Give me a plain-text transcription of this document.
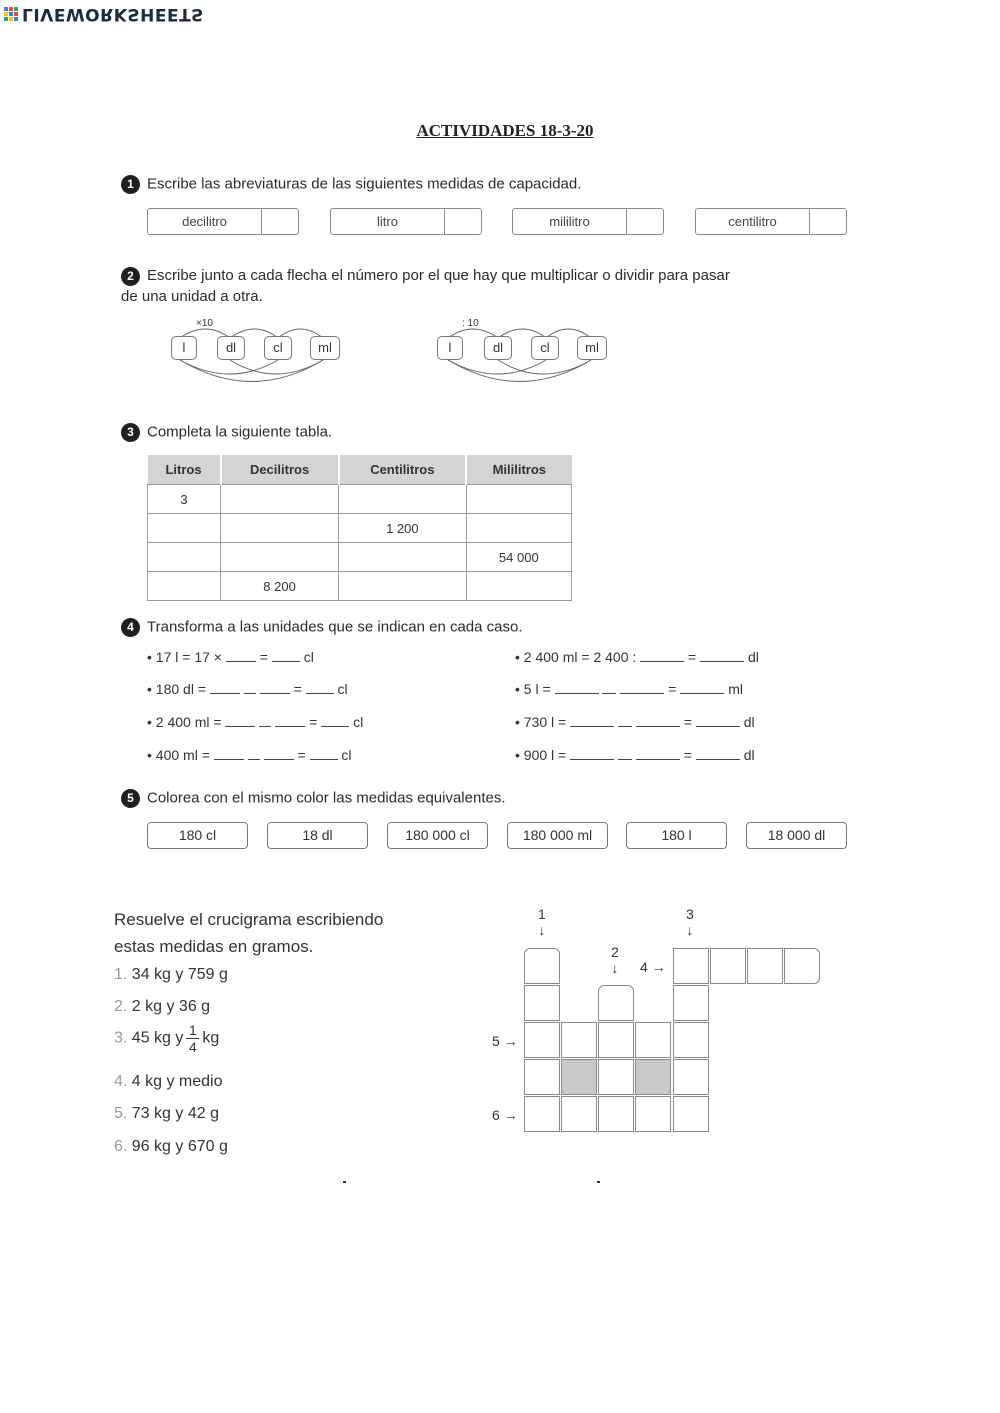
LIVEWORKSHEETS
ACTIVIDADES 18-3-20
1 Escribe las abreviaturas de las siguientes medidas de capacidad.
decilitro	litro	mililitro	centilitro
2 Escribe junto a cada flecha el número por el que hay que multiplicar o dividir para pasar
de una unidad a otra.
×10
l	dl	cl	ml
: 10
l	dl	cl	ml
3 Completa la siguiente tabla.
Litros	Decilitros	Centilitros	Mililitros
3			
		1 200	
			54 000
	8 200		
4 Transforma a las unidades que se indican en cada caso.
• 17 l = 17 ×	=	cl
• 180 dl =	=	cl
• 2 400 ml =	=	cl
• 400 ml =	=	cl
• 2 400 ml = 2 400 :	=	dl
• 5 l =	=	ml
• 730 l =	=	dl
• 900 l =	=	dl
5 Colorea con el mismo color las medidas equivalentes.
180 cl	18 dl	180 000 cl	180 000 ml	180 l	18 000 dl
Resuelve el crucigrama escribiendo
estas medidas en gramos.
1. 34 kg y 759 g
2. 2 kg y 36 g
3. 45 kg y $\frac{1}{4}$ kg
4. 4 kg y medio
5. 73 kg y 42 g
6. 96 kg y 670 g
1
↓
2
↓
3
↓
4 →
5 →
6 →
